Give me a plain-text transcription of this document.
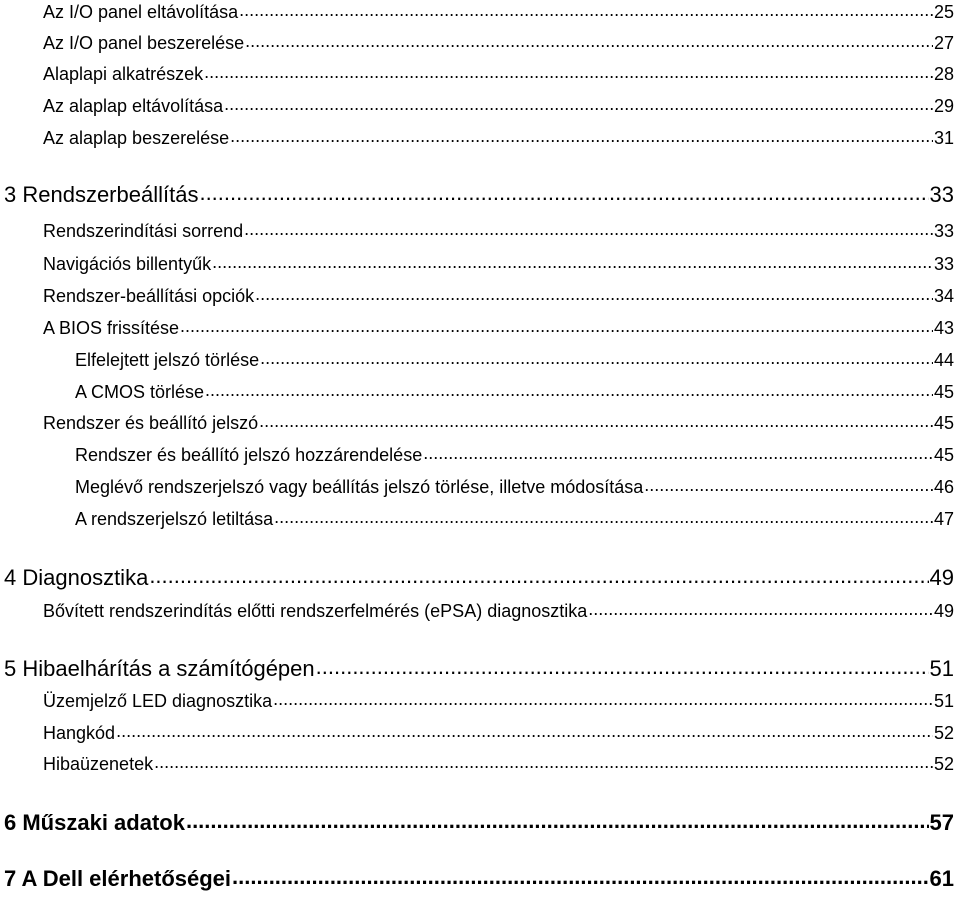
Az I/O panel eltávolítása .....	25
Az I/O panel beszerelése .....	27
Alaplapi alkatrészek .....	28
Az alaplap eltávolítása .....	29
Az alaplap beszerelése .....	31
3 Rendszerbeállítás .....	33
Rendszerindítási sorrend .....	33
Navigációs billentyűk .....	33
Rendszer-beállítási opciók .....	34
A BIOS frissítése .....	43
Elfelejtett jelszó törlése .....	44
A CMOS törlése .....	45
Rendszer és beállító jelszó .....	45
Rendszer és beállító jelszó hozzárendelése .....	45
Meglévő rendszerjelszó vagy beállítás jelszó törlése, illetve módosítása .....	46
A rendszerjelszó letiltása .....	47
4 Diagnosztika .....	49
Bővített rendszerindítás előtti rendszerfelmérés (ePSA) diagnosztika .....	49
5 Hibaelhárítás a számítógépen .....	51
Üzemjelző LED diagnosztika .....	51
Hangkód .....	52
Hibaüzenetek .....	52
6 Műszaki adatok .....	57
7 A Dell elérhetőségei .....	61
